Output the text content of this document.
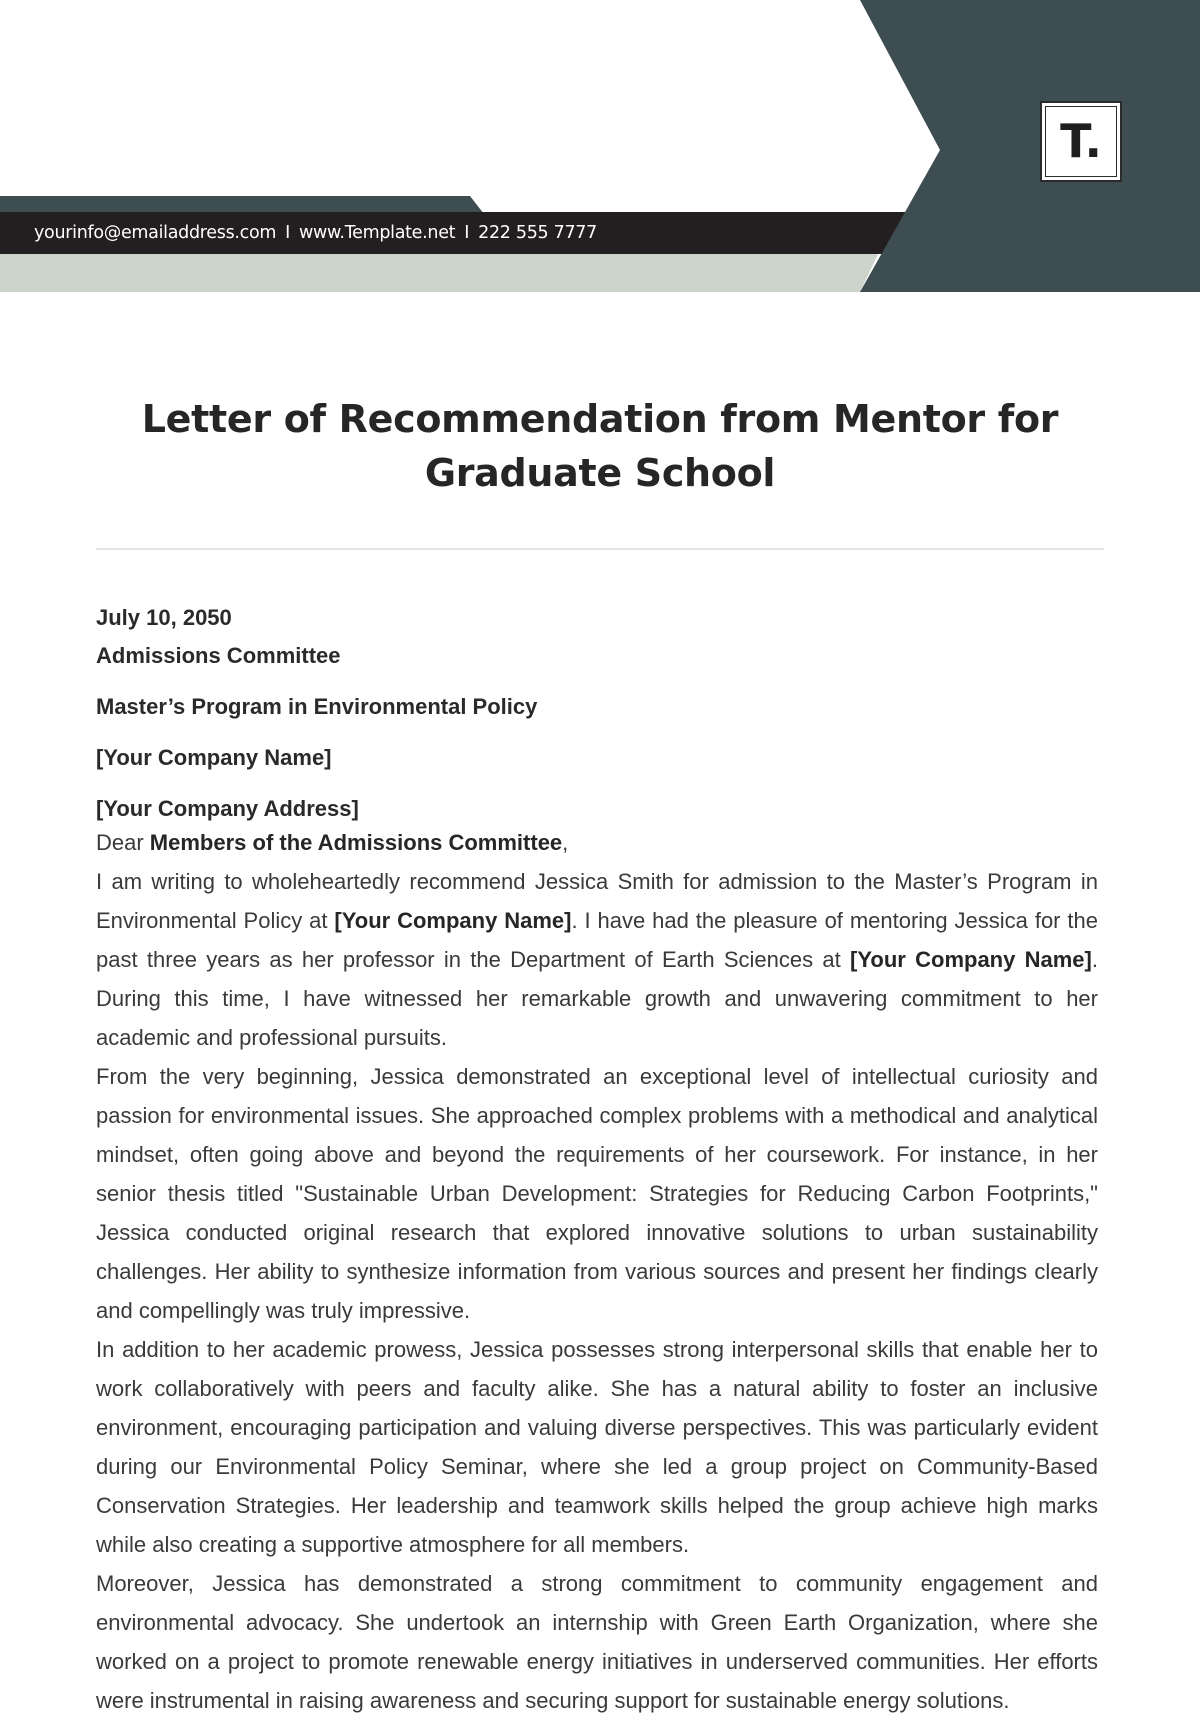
yourinfo@emailaddress.com I www.Template.net I 222 555 7777
T.
Letter of Recommendation from Mentor for Graduate School

July 10, 2050

Admissions Committee

Master’s Program in Environmental Policy

[Your Company Name]

[Your Company Address]

Dear Members of the Admissions Committee,

I am writing to wholeheartedly recommend Jessica Smith for admission to the Master’s Program in Environmental Policy at [Your Company Name]. I have had the pleasure of mentoring Jessica for the past three years as her professor in the Department of Earth Sciences at [Your Company Name]. During this time, I have witnessed her remarkable growth and unwavering commitment to her academic and professional pursuits.

From the very beginning, Jessica demonstrated an exceptional level of intellectual curiosity and passion for environmental issues. She approached complex problems with a methodical and analytical mindset, often going above and beyond the requirements of her coursework. For instance, in her senior thesis titled "Sustainable Urban Development: Strategies for Reducing Carbon Footprints," Jessica conducted original research that explored innovative solutions to urban sustainability challenges. Her ability to synthesize information from various sources and present her findings clearly and compellingly was truly impressive.

In addition to her academic prowess, Jessica possesses strong interpersonal skills that enable her to work collaboratively with peers and faculty alike. She has a natural ability to foster an inclusive environment, encouraging participation and valuing diverse perspectives. This was particularly evident during our Environmental Policy Seminar, where she led a group project on Community-Based Conservation Strategies. Her leadership and teamwork skills helped the group achieve high marks while also creating a supportive atmosphere for all members.

Moreover, Jessica has demonstrated a strong commitment to community engagement and environmental advocacy. She undertook an internship with Green Earth Organization, where she worked on a project to promote renewable energy initiatives in underserved communities. Her efforts were instrumental in raising awareness and securing support for sustainable energy solutions.
